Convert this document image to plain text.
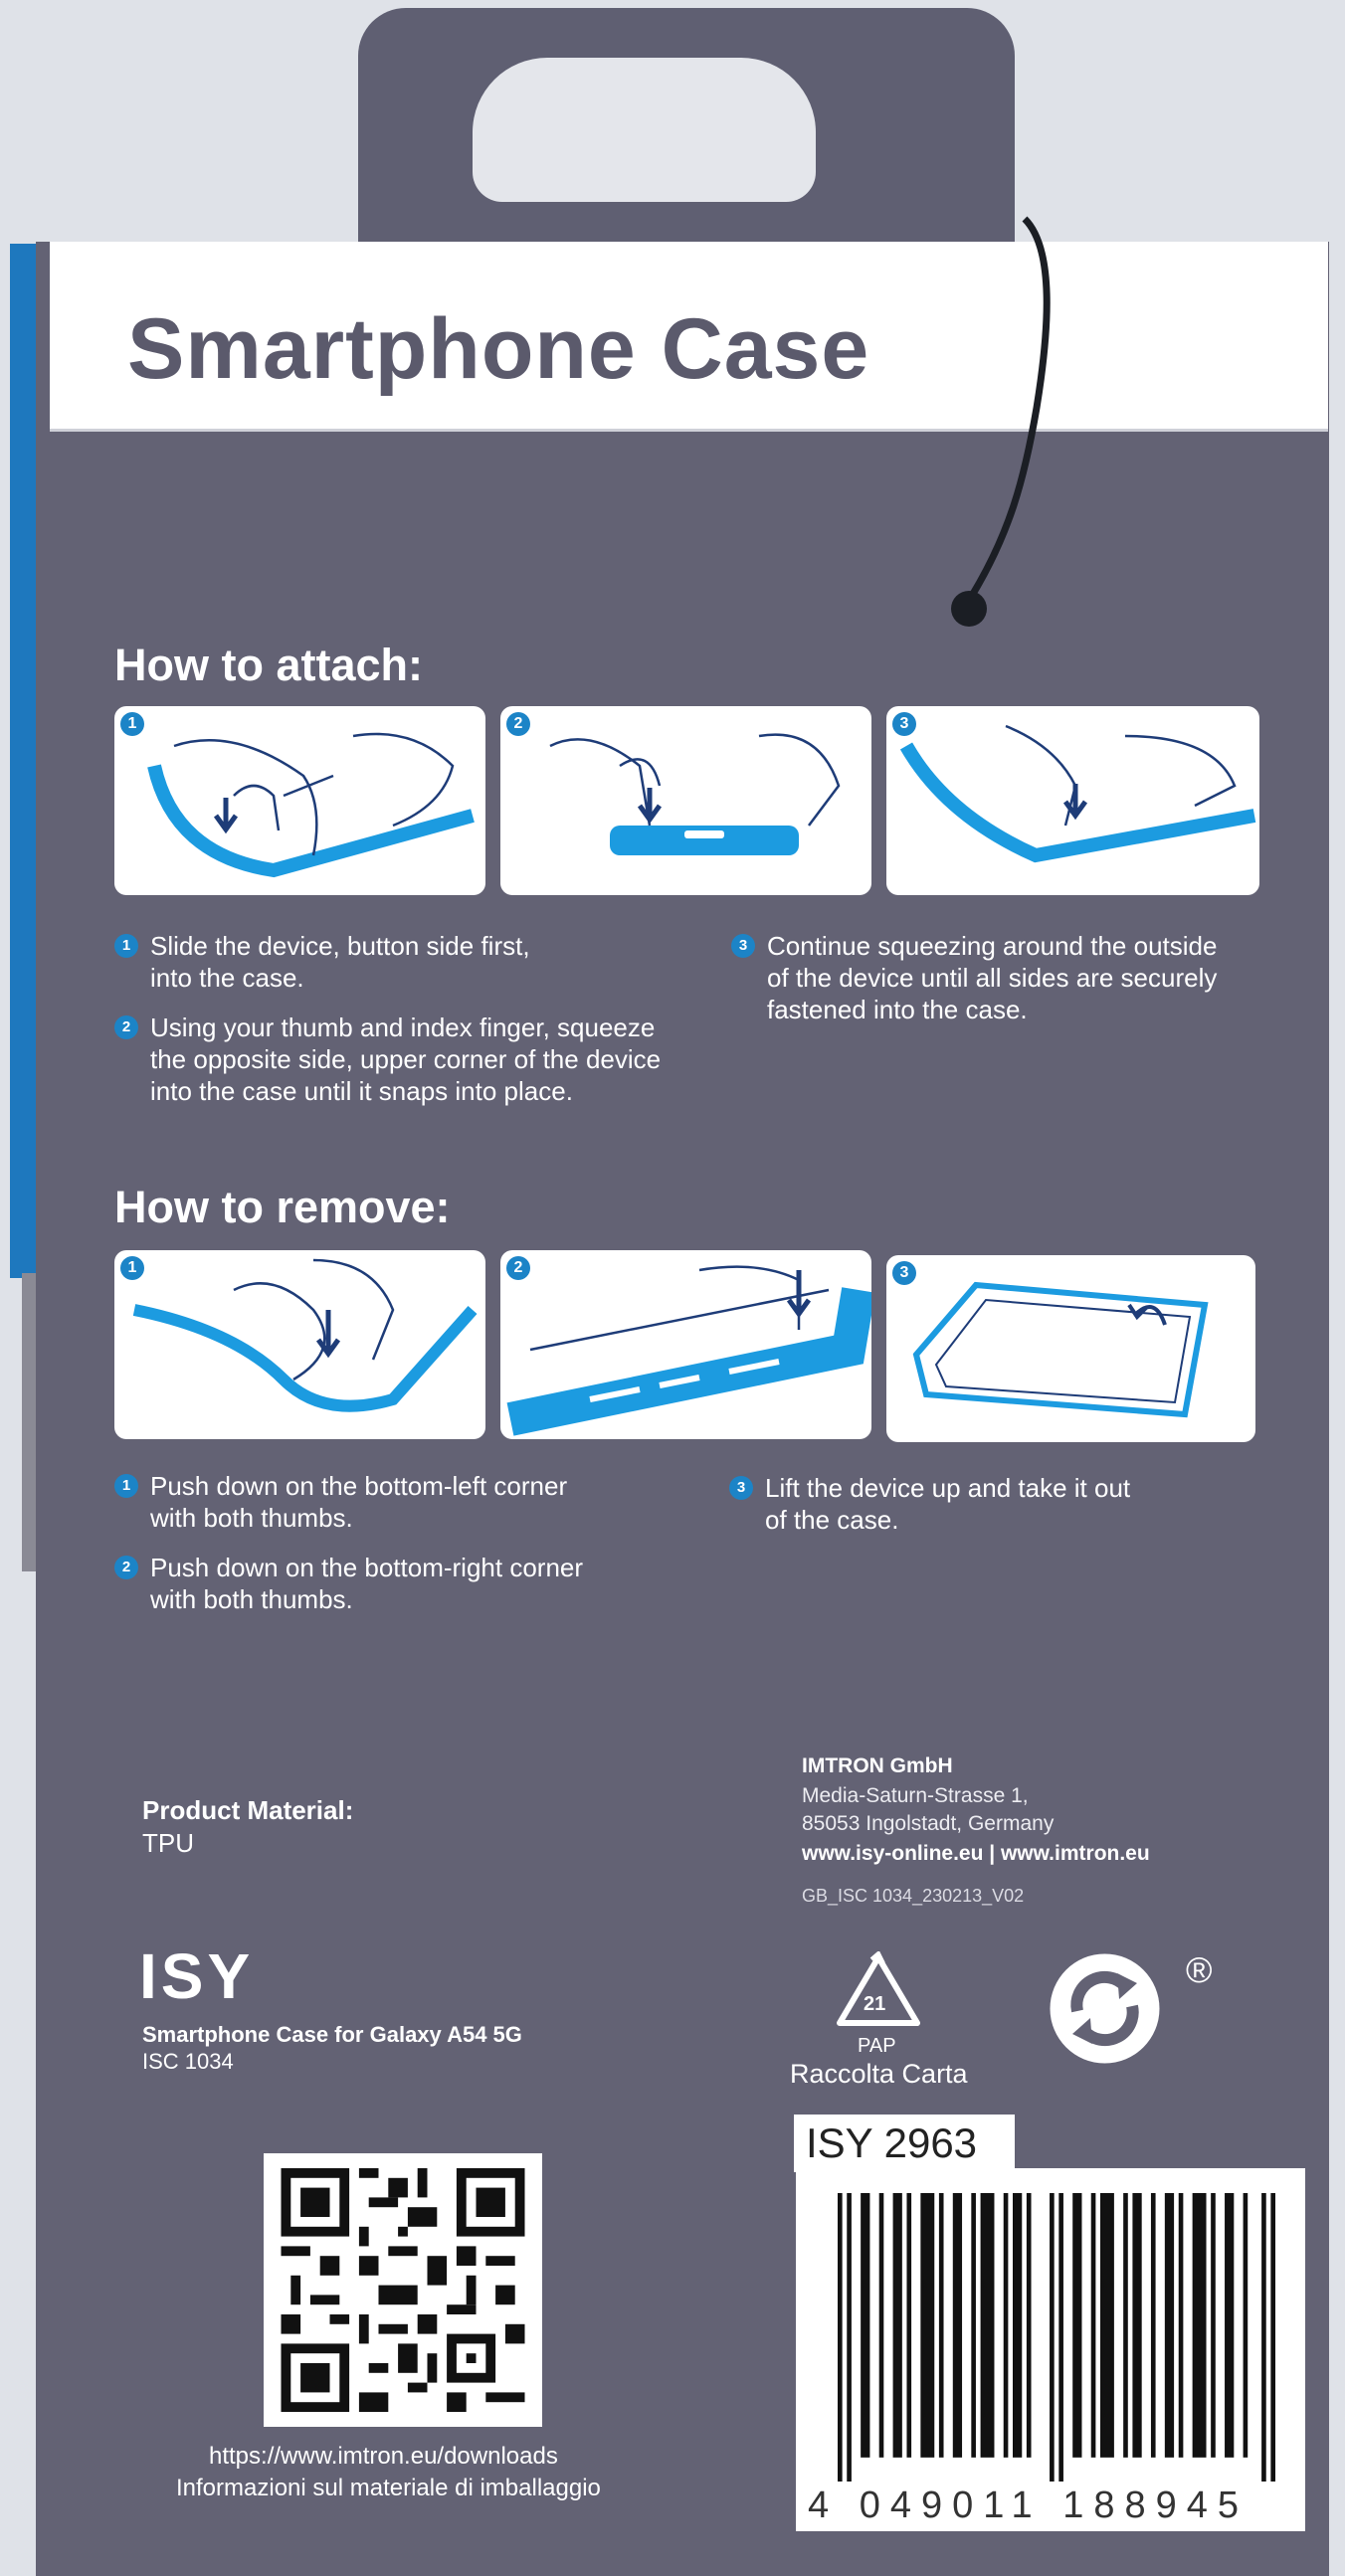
Smartphone Case
How to attach:
1	2	3
1 Slide the device, button side first,
into the case.
2 Using your thumb and index finger, squeeze
the opposite side, upper corner of the device
into the case until it snaps into place.
3 Continue squeezing around the outside
of the device until all sides are securely
fastened into the case.
How to remove:
1	2	3
1 Push down on the bottom-left corner
with both thumbs.
2 Push down on the bottom-right corner
with both thumbs.
3 Lift the device up and take it out
of the case.
Product Material:
TPU
IMTRON GmbH
Media-Saturn-Strasse 1,
85053 Ingolstadt, Germany
www.isy-online.eu | www.imtron.eu
GB_ISC 1034_230213_V02
ISY
Smartphone Case for Galaxy A54 5G
ISC 1034
21
PAP
Raccolta Carta
®
https://www.imtron.eu/downloads
Informazioni sul materiale di imballaggio
ISY 2963
4 049011 188945
